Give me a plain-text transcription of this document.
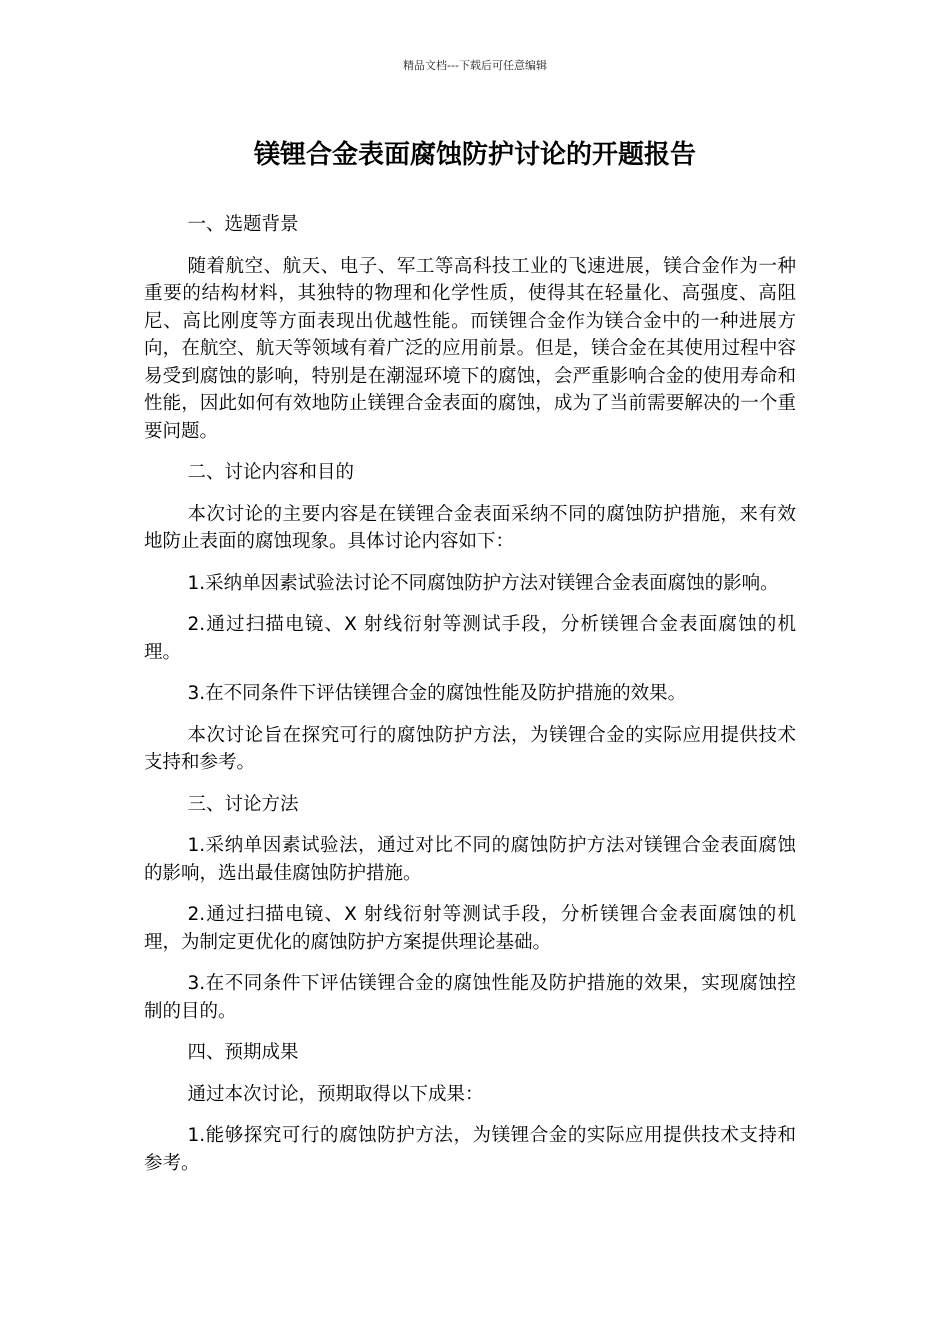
精品文档---下载后可任意编辑
镁锂合金表面腐蚀防护讨论的开题报告

一、选题背景

随着航空、航天、电子、军工等高科技工业的飞速进展，镁合金作为一种重要的结构材料，其独特的物理和化学性质，使得其在轻量化、高强度、高阻尼、高比刚度等方面表现出优越性能。而镁锂合金作为镁合金中的一种进展方向，在航空、航天等领域有着广泛的应用前景。但是，镁合金在其使用过程中容易受到腐蚀的影响，特别是在潮湿环境下的腐蚀，会严重影响合金的使用寿命和性能，因此如何有效地防止镁锂合金表面的腐蚀，成为了当前需要解决的一个重要问题。

二、讨论内容和目的

本次讨论的主要内容是在镁锂合金表面采纳不同的腐蚀防护措施，来有效地防止表面的腐蚀现象。具体讨论内容如下：

1.采纳单因素试验法讨论不同腐蚀防护方法对镁锂合金表面腐蚀的影响。

2.通过扫描电镜、X 射线衍射等测试手段，分析镁锂合金表面腐蚀的机理。

3.在不同条件下评估镁锂合金的腐蚀性能及防护措施的效果。

本次讨论旨在探究可行的腐蚀防护方法，为镁锂合金的实际应用提供技术支持和参考。

三、讨论方法

1.采纳单因素试验法，通过对比不同的腐蚀防护方法对镁锂合金表面腐蚀的影响，选出最佳腐蚀防护措施。

2.通过扫描电镜、X 射线衍射等测试手段，分析镁锂合金表面腐蚀的机理，为制定更优化的腐蚀防护方案提供理论基础。

3.在不同条件下评估镁锂合金的腐蚀性能及防护措施的效果，实现腐蚀控制的目的。

四、预期成果

通过本次讨论，预期取得以下成果：

1.能够探究可行的腐蚀防护方法，为镁锂合金的实际应用提供技术支持和参考。
